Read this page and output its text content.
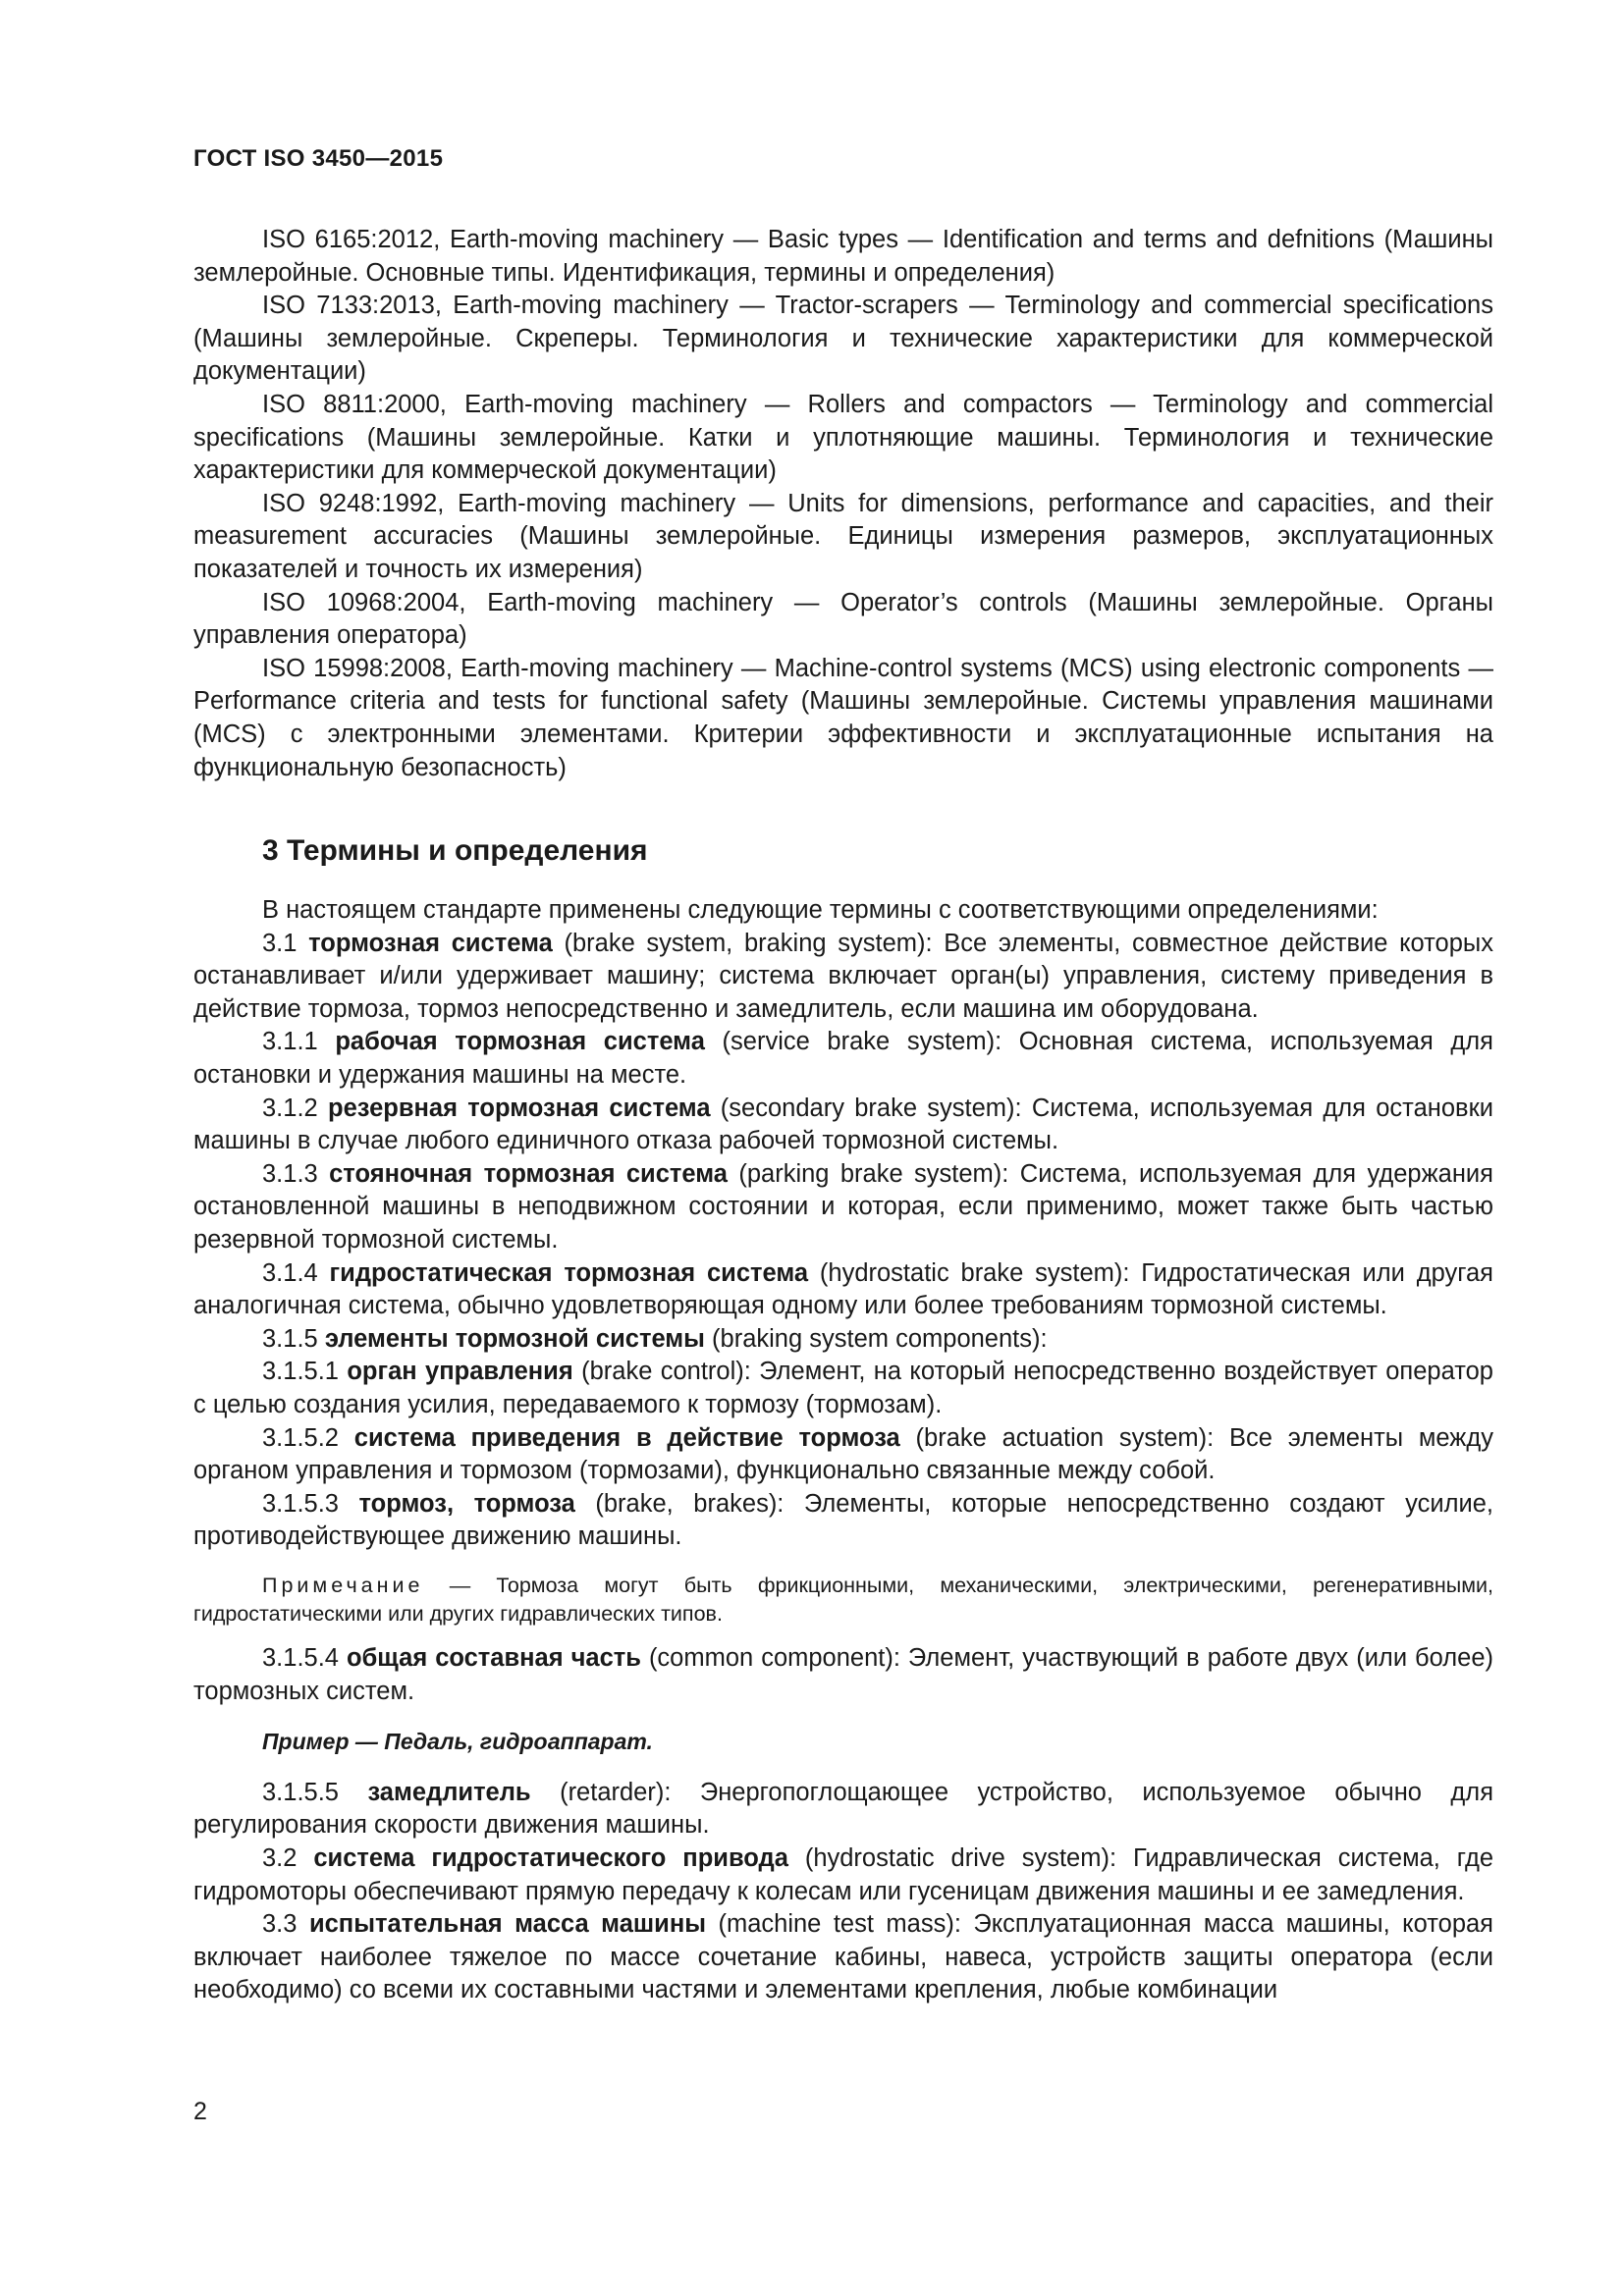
ГОСТ ISO 3450—2015

ISO 6165:2012, Earth-moving machinery — Basic types — Identification and terms and defnitions (Машины землеройные. Основные типы. Идентификация, термины и определения)

ISO 7133:2013, Earth-moving machinery — Tractor-scrapers — Terminology and commercial specifications (Машины землеройные. Скреперы. Терминология и технические характеристики для коммерческой документации)

ISO 8811:2000, Earth-moving machinery — Rollers and compactors — Terminology and commercial specifications (Машины землеройные. Катки и уплотняющие машины. Терминология и технические характеристики для коммерческой документации)

ISO 9248:1992, Earth-moving machinery — Units for dimensions, performance and capacities, and their measurement accuracies (Машины землеройные. Единицы измерения размеров, эксплуатационных показателей и точность их измерения)

ISO 10968:2004, Earth-moving machinery — Operator’s controls (Машины землеройные. Органы управления оператора)

ISO 15998:2008, Earth-moving machinery — Machine-control systems (MCS) using electronic components — Performance criteria and tests for functional safety (Машины землеройные. Системы управления машинами (MCS) с электронными элементами. Критерии эффективности и эксплуатационные испытания на функциональную безопасность)

3 Термины и определения

В настоящем стандарте применены следующие термины с соответствующими определениями:

3.1 тормозная система (brake system, braking system): Все элементы, совместное действие которых останавливает и/или удерживает машину; система включает орган(ы) управления, систему приведения в действие тормоза, тормоз непосредственно и замедлитель, если машина им оборудована.

3.1.1 рабочая тормозная система (service brake system): Основная система, используемая для остановки и удержания машины на месте.

3.1.2 резервная тормозная система (secondary brake system): Система, используемая для остановки машины в случае любого единичного отказа рабочей тормозной системы.

3.1.3 стояночная тормозная система (parking brake system): Система, используемая для удержания остановленной машины в неподвижном состоянии и которая, если применимо, может также быть частью резервной тормозной системы.

3.1.4 гидростатическая тормозная система (hydrostatic brake system): Гидростатическая или другая аналогичная система, обычно удовлетворяющая одному или более требованиям тормозной системы.

3.1.5 элементы тормозной системы (braking system components):

3.1.5.1 орган управления (brake control): Элемент, на который непосредственно воздействует оператор с целью создания усилия, передаваемого к тормозу (тормозам).

3.1.5.2 система приведения в действие тормоза (brake actuation system): Все элементы между органом управления и тормозом (тормозами), функционально связанные между собой.

3.1.5.3 тормоз, тормоза (brake, brakes): Элементы, которые непосредственно создают усилие, противодействующее движению машины.

Примечание — Тормоза могут быть фрикционными, механическими, электрическими, регенеративными, гидростатическими или других гидравлических типов.

3.1.5.4 общая составная часть (common component): Элемент, участвующий в работе двух (или более) тормозных систем.

Пример — Педаль, гидроаппарат.

3.1.5.5 замедлитель (retarder): Энергопоглощающее устройство, используемое обычно для регулирования скорости движения машины.

3.2 система гидростатического привода (hydrostatic drive system): Гидравлическая система, где гидромоторы обеспечивают прямую передачу к колесам или гусеницам движения машины и ее замедления.

3.3 испытательная масса машины (machine test mass): Эксплуатационная масса машины, которая включает наиболее тяжелое по массе сочетание кабины, навеса, устройств защиты оператора (если необходимо) со всеми их составными частями и элементами крепления, любые комбинации

2
